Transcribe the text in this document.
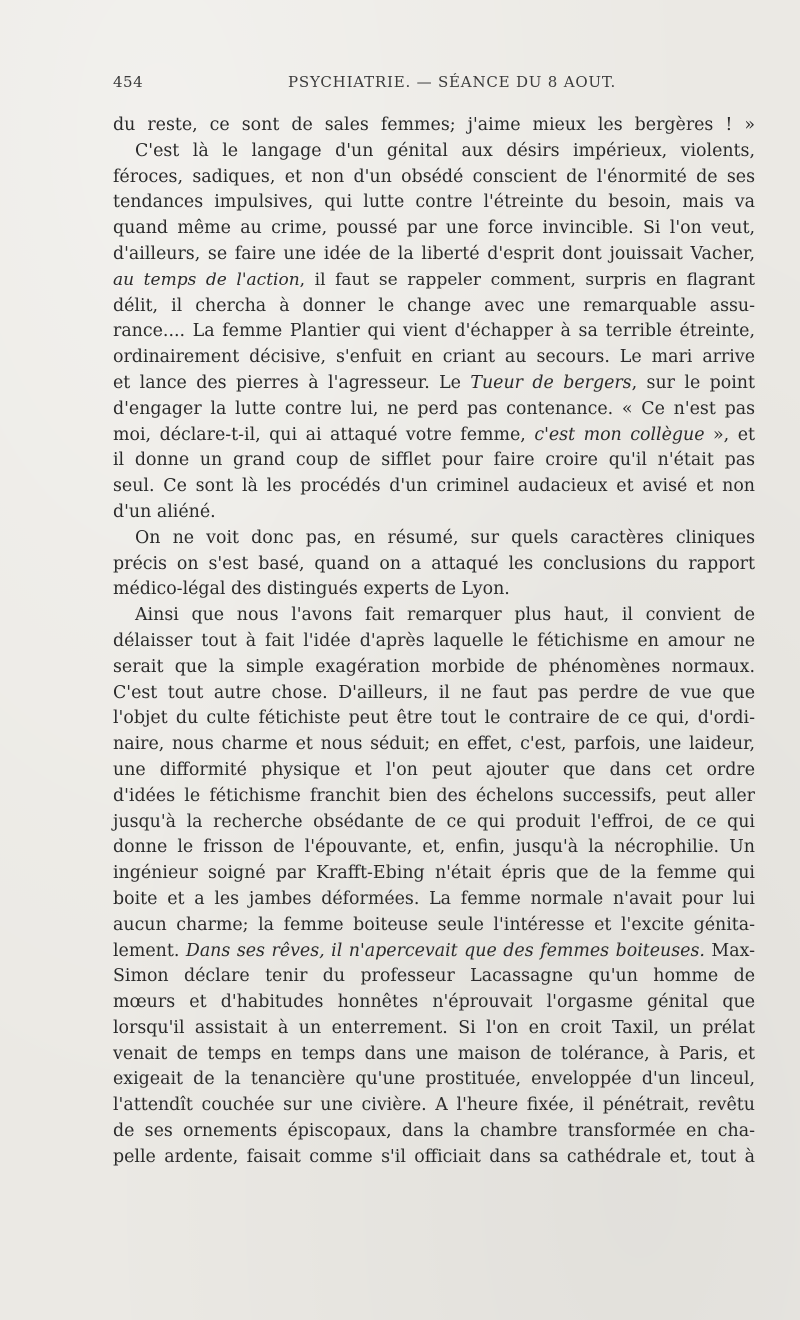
454	PSYCHIATRIE. — SÉANCE DU 8 AOUT.
du reste, ce sont de sales femmes; j'aime mieux les bergères ! »
C'est là le langage d'un génital aux désirs impérieux, violents,
féroces, sadiques, et non d'un obsédé conscient de l'énormité de ses
tendances impulsives, qui lutte contre l'étreinte du besoin, mais va
quand même au crime, poussé par une force invincible. Si l'on veut,
d'ailleurs, se faire une idée de la liberté d'esprit dont jouissait Vacher,
au temps de l'action, il faut se rappeler comment, surpris en flagrant
délit, il chercha à donner le change avec une remarquable assu-
rance.... La femme Plantier qui vient d'échapper à sa terrible étreinte,
ordinairement décisive, s'enfuit en criant au secours. Le mari arrive
et lance des pierres à l'agresseur. Le Tueur de bergers, sur le point
d'engager la lutte contre lui, ne perd pas contenance. « Ce n'est pas
moi, déclare-t-il, qui ai attaqué votre femme, c'est mon collègue », et
il donne un grand coup de sifflet pour faire croire qu'il n'était pas
seul. Ce sont là les procédés d'un criminel audacieux et avisé et non
d'un aliéné.
On ne voit donc pas, en résumé, sur quels caractères cliniques
précis on s'est basé, quand on a attaqué les conclusions du rapport
médico-légal des distingués experts de Lyon.
Ainsi que nous l'avons fait remarquer plus haut, il convient de
délaisser tout à fait l'idée d'après laquelle le fétichisme en amour ne
serait que la simple exagération morbide de phénomènes normaux.
C'est tout autre chose. D'ailleurs, il ne faut pas perdre de vue que
l'objet du culte fétichiste peut être tout le contraire de ce qui, d'ordi-
naire, nous charme et nous séduit; en effet, c'est, parfois, une laideur,
une difformité physique et l'on peut ajouter que dans cet ordre
d'idées le fétichisme franchit bien des échelons successifs, peut aller
jusqu'à la recherche obsédante de ce qui produit l'effroi, de ce qui
donne le frisson de l'épouvante, et, enfin, jusqu'à la nécrophilie. Un
ingénieur soigné par Krafft-Ebing n'était épris que de la femme qui
boite et a les jambes déformées. La femme normale n'avait pour lui
aucun charme; la femme boiteuse seule l'intéresse et l'excite génita-
lement. Dans ses rêves, il n'apercevait que des femmes boiteuses. Max-
Simon déclare tenir du professeur Lacassagne qu'un homme de
mœurs et d'habitudes honnêtes n'éprouvait l'orgasme génital que
lorsqu'il assistait à un enterrement. Si l'on en croit Taxil, un prélat
venait de temps en temps dans une maison de tolérance, à Paris, et
exigeait de la tenancière qu'une prostituée, enveloppée d'un linceul,
l'attendît couchée sur une civière. A l'heure fixée, il pénétrait, revêtu
de ses ornements épiscopaux, dans la chambre transformée en cha-
pelle ardente, faisait comme s'il officiait dans sa cathédrale et, tout à
